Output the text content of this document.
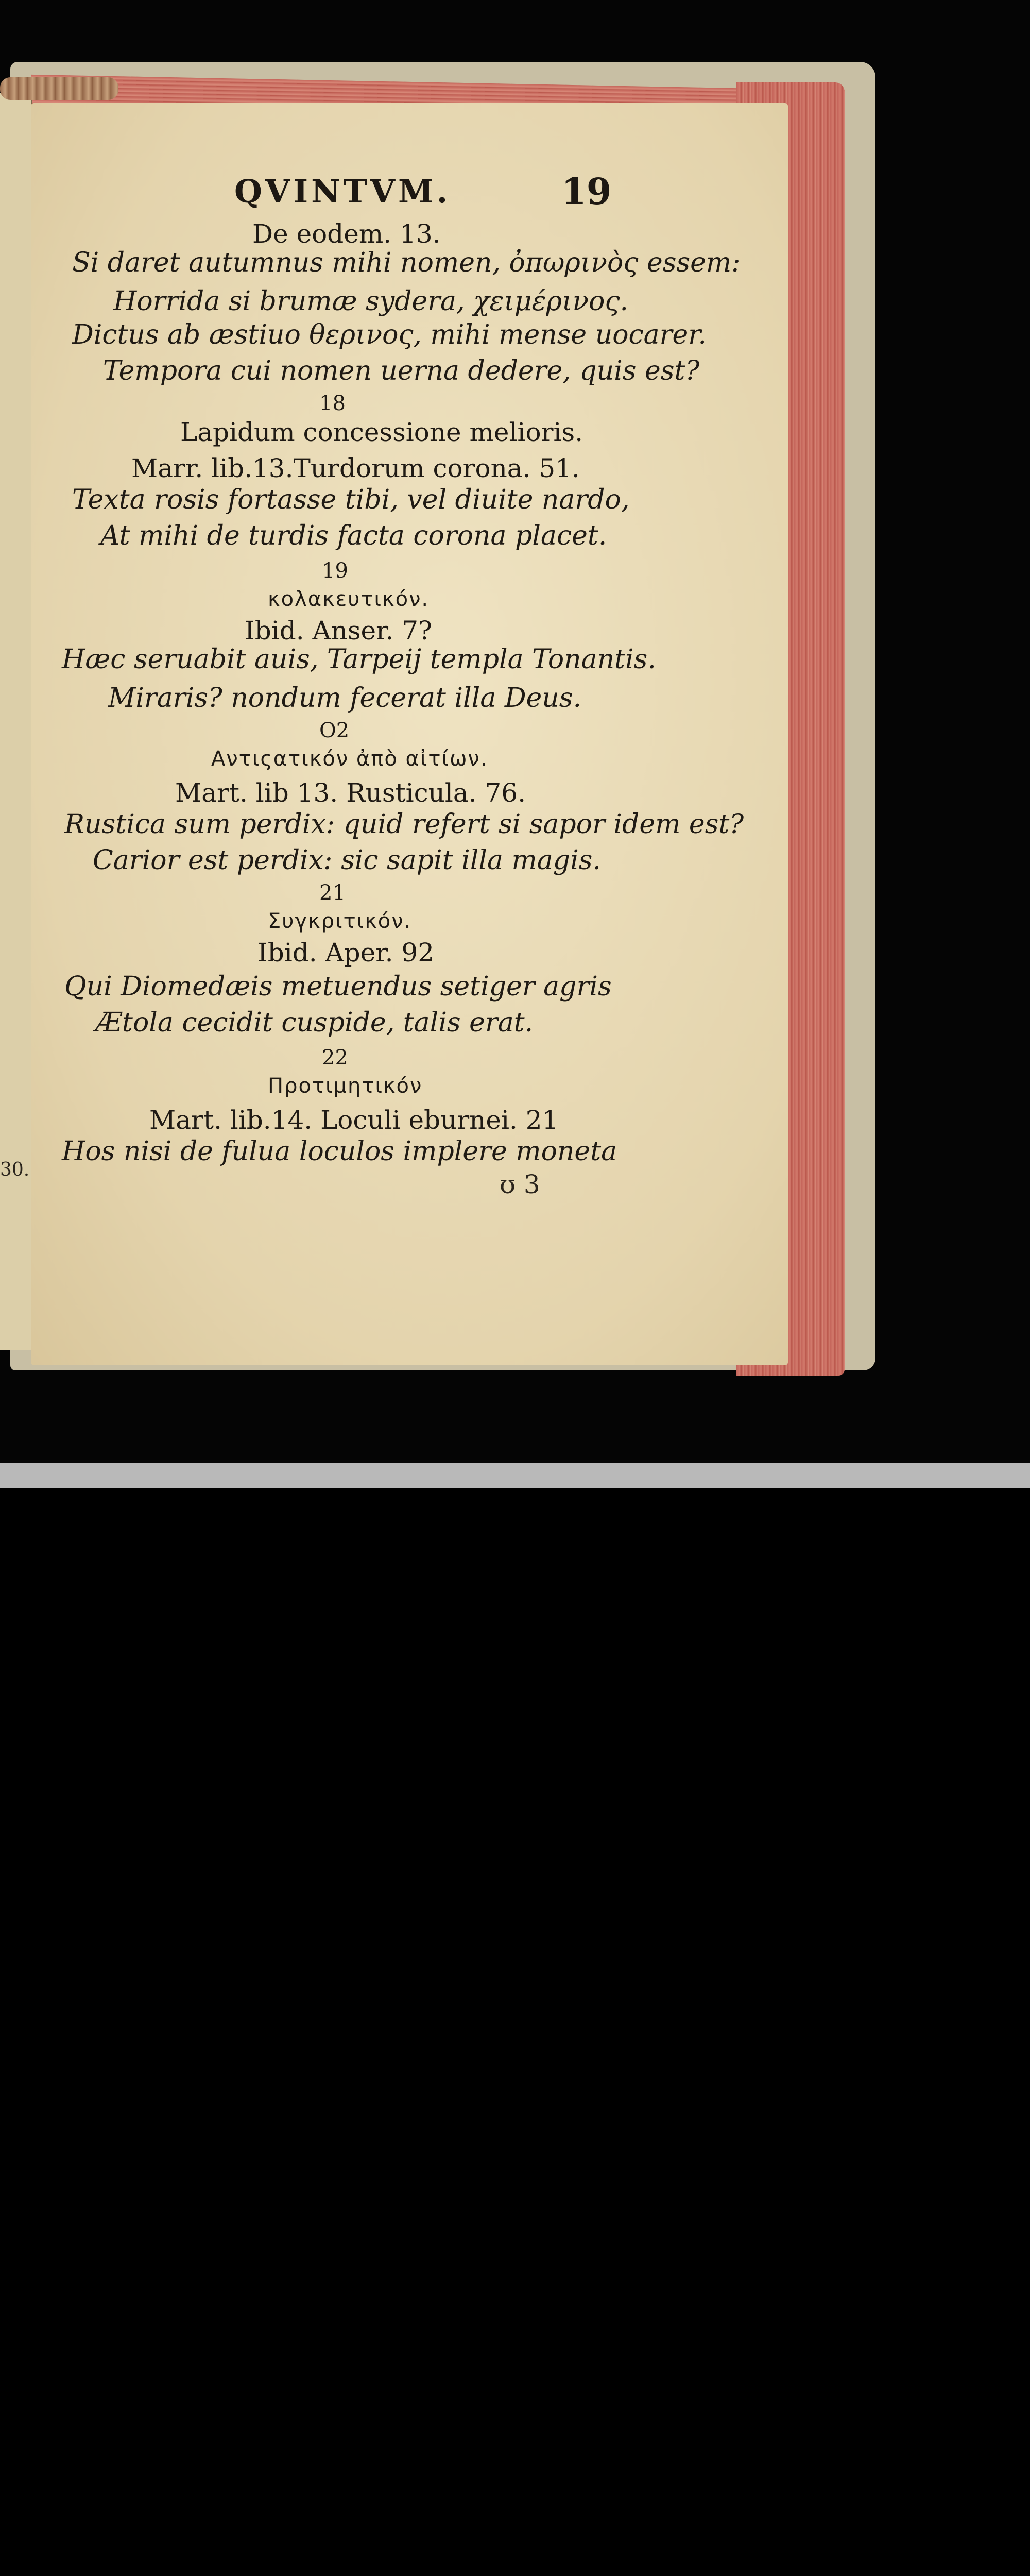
QVINTVM.	19
De eodem. 13.
Si daret autumnus mihi nomen, ὀπωρινὸς essem:
Horrida si brumæ sydera, χειμέρινος.
Dictus ab æstiuo θερινος, mihi mense uocarer.
Tempora cui nomen uerna dedere, quis est?
18
Lapidum concessione melioris.
Marr. lib.13.Turdorum corona. 51.
Texta rosis fortasse tibi, vel diuite nardo,
At mihi de turdis facta corona placet.
19
κολακευτικόν.
Ibid. Anser. 7?
Hæc seruabit auis, Tarpeij templa Tonantis.
Miraris? nondum fecerat illa Deus.
O2
Αντιςατικόν ἀπὸ αἰτίων.
Mart. lib 13. Rusticula. 76.
Rustica sum perdix: quid refert si sapor idem est?
Carior est perdix: sic sapit illa magis.
21
Συγκριτικόν.
Ibid. Aper. 92
Qui Diomedæis metuendus setiger agris
Ætola cecidit cuspide, talis erat.
22
Προτιμητικόν
Mart. lib.14. Loculi eburnei. 21
Hos nisi de fulua loculos implere moneta
30.	ʊ 3
